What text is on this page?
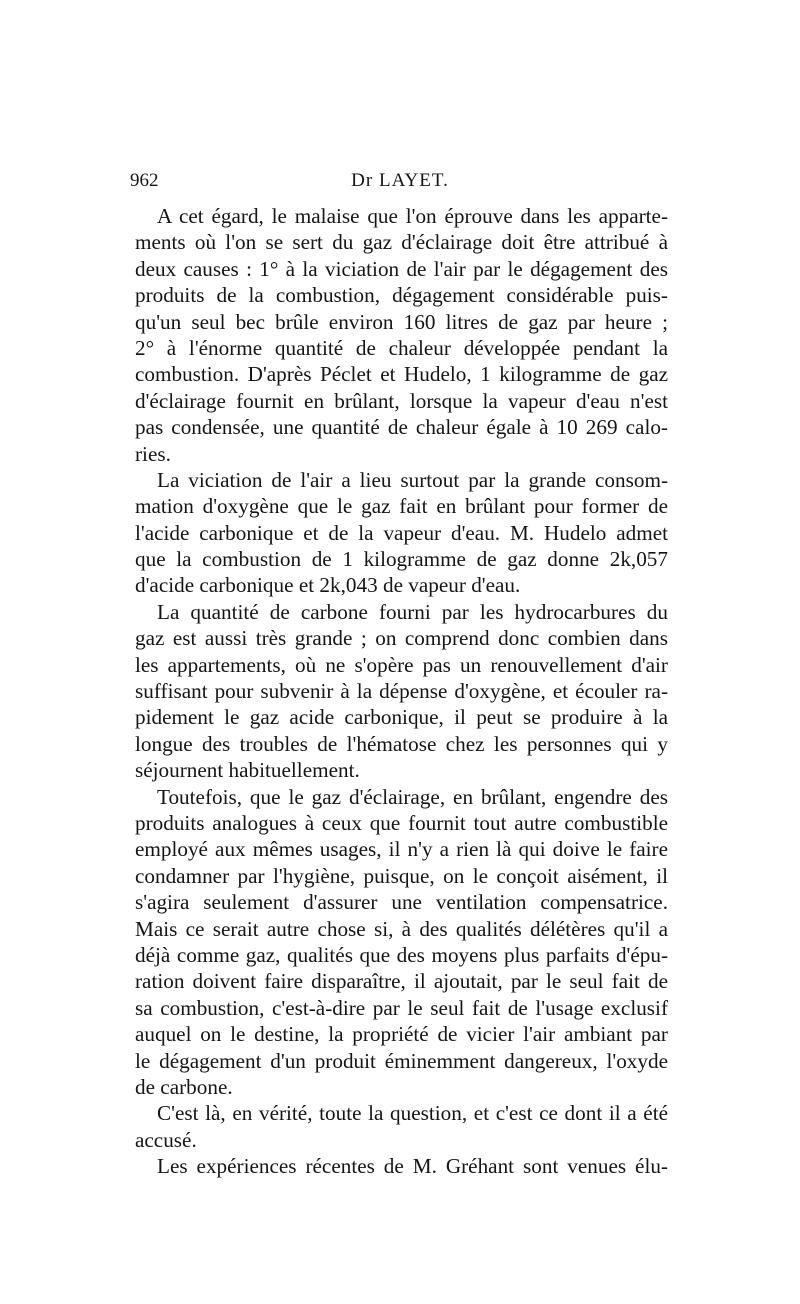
962	Dr LAYET.
A cet égard, le malaise que l'on éprouve dans les apparte-
ments où l'on se sert du gaz d'éclairage doit être attribué à
deux causes : 1° à la viciation de l'air par le dégagement des
produits de la combustion, dégagement considérable puis-
qu'un seul bec brûle environ 160 litres de gaz par heure ;
2° à l'énorme quantité de chaleur développée pendant la
combustion. D'après Péclet et Hudelo, 1 kilogramme de gaz
d'éclairage fournit en brûlant, lorsque la vapeur d'eau n'est
pas condensée, une quantité de chaleur égale à 10 269 calo-
ries.
La viciation de l'air a lieu surtout par la grande consom-
mation d'oxygène que le gaz fait en brûlant pour former de
l'acide carbonique et de la vapeur d'eau. M. Hudelo admet
que la combustion de 1 kilogramme de gaz donne 2k,057
d'acide carbonique et 2k,043 de vapeur d'eau.
La quantité de carbone fourni par les hydrocarbures du
gaz est aussi très grande ; on comprend donc combien dans
les appartements, où ne s'opère pas un renouvellement d'air
suffisant pour subvenir à la dépense d'oxygène, et écouler ra-
pidement le gaz acide carbonique, il peut se produire à la
longue des troubles de l'hématose chez les personnes qui y
séjournent habituellement.
Toutefois, que le gaz d'éclairage, en brûlant, engendre des
produits analogues à ceux que fournit tout autre combustible
employé aux mêmes usages, il n'y a rien là qui doive le faire
condamner par l'hygiène, puisque, on le conçoit aisément, il
s'agira seulement d'assurer une ventilation compensatrice.
Mais ce serait autre chose si, à des qualités délétères qu'il a
déjà comme gaz, qualités que des moyens plus parfaits d'épu-
ration doivent faire disparaître, il ajoutait, par le seul fait de
sa combustion, c'est-à-dire par le seul fait de l'usage exclusif
auquel on le destine, la propriété de vicier l'air ambiant par
le dégagement d'un produit éminemment dangereux, l'oxyde
de carbone.
C'est là, en vérité, toute la question, et c'est ce dont il a été
accusé.
Les expériences récentes de M. Gréhant sont venues élu-
